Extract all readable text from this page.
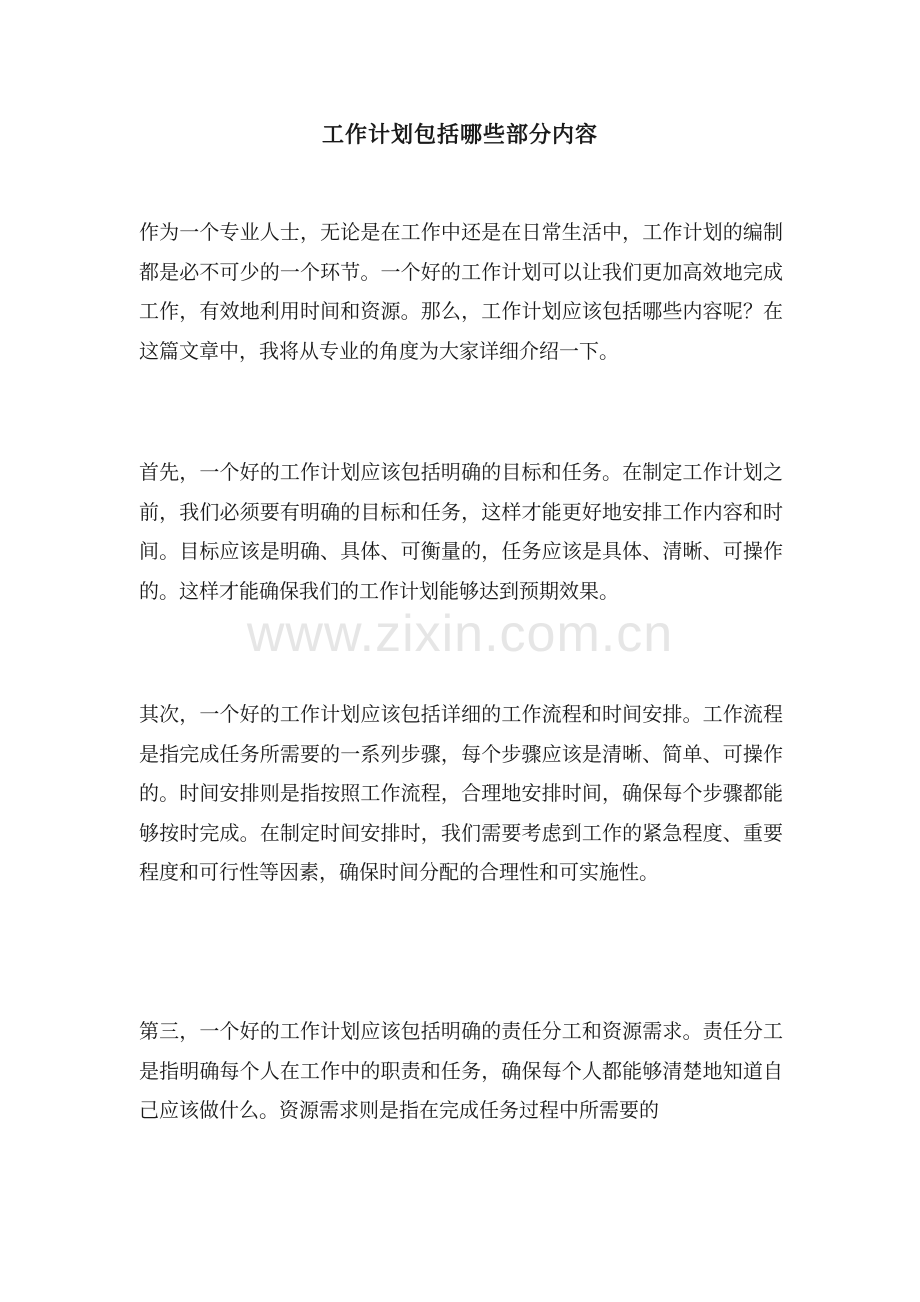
www.zixin.com.cn
工作计划包括哪些部分内容

作为一个专业人士，无论是在工作中还是在日常生活中，工作计划的编制都是必不可少的一个环节。一个好的工作计划可以让我们更加高效地完成工作，有效地利用时间和资源。那么，工作计划应该包括哪些内容呢？在这篇文章中，我将从专业的角度为大家详细介绍一下。

首先，一个好的工作计划应该包括明确的目标和任务。在制定工作计划之前，我们必须要有明确的目标和任务，这样才能更好地安排工作内容和时间。目标应该是明确、具体、可衡量的，任务应该是具体、清晰、可操作的。这样才能确保我们的工作计划能够达到预期效果。

其次，一个好的工作计划应该包括详细的工作流程和时间安排。工作流程是指完成任务所需要的一系列步骤，每个步骤应该是清晰、简单、可操作的。时间安排则是指按照工作流程，合理地安排时间，确保每个步骤都能够按时完成。在制定时间安排时，我们需要考虑到工作的紧急程度、重要程度和可行性等因素，确保时间分配的合理性和可实施性。

第三，一个好的工作计划应该包括明确的责任分工和资源需求。责任分工是指明确每个人在工作中的职责和任务，确保每个人都能够清楚地知道自己应该做什么。资源需求则是指在完成任务过程中所需要的
